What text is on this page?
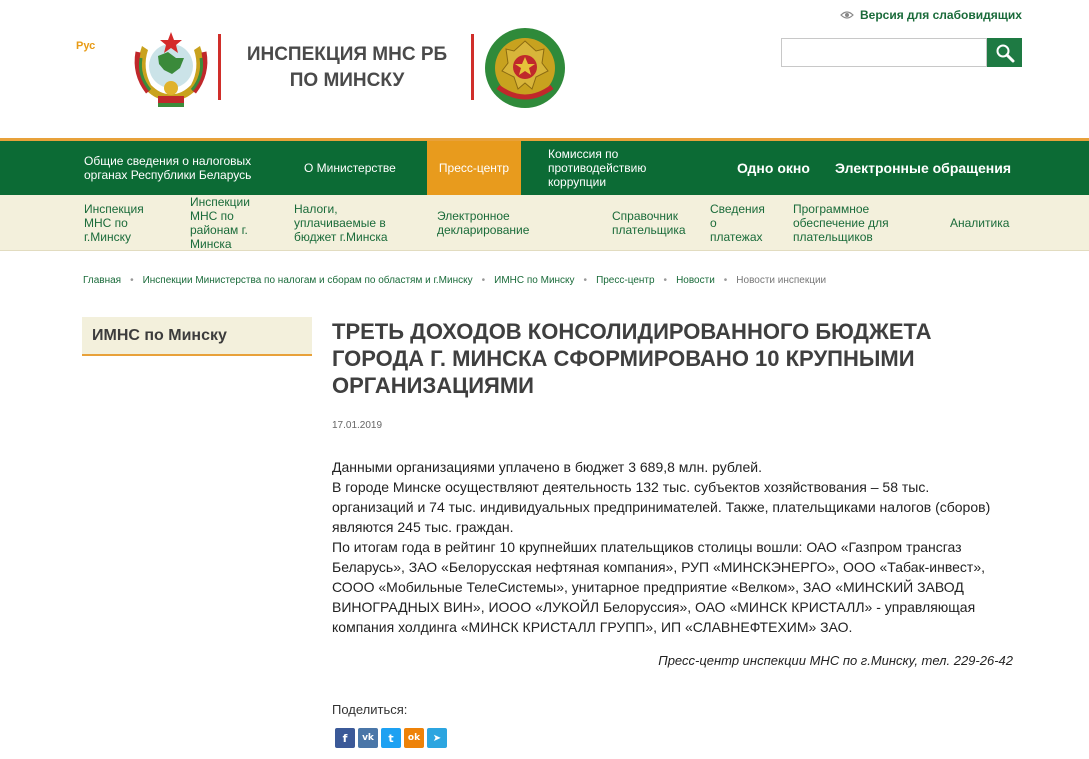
Рус	ИНСПЕКЦИЯ МНС РБ
ПО МИНСКУ
Версия для слабовидящих
Общие сведения о налоговых органах Республики Беларусь	О Министерстве	Пресс-центр
Комиссия по противодействию коррупции
Одно окно	Электронные обращения
Инспекция МНС по г.Минску
Инспекции МНС по районам г. Минска
Налоги, уплачиваемые в бюджет г.Минска
Электронное декларирование
Справочник плательщика
Сведения о платежах
Программное обеспечение для плательщиков
Аналитика
Главная • Инспекции Министерства по налогам и сборам по областям и г.Минску • ИМНС по Минску • Пресс-центр • Новости • Новости инспекции
ИМНС по Минску	ТРЕТЬ ДОХОДОВ КОНСОЛИДИРОВАННОГО БЮДЖЕТА ГОРОДА Г. МИНСКА СФОРМИРОВАНО 10 КРУПНЫМИ ОРГАНИЗАЦИЯМИ
17.01.2019

Данными организациями уплачено в бюджет 3 689,8 млн. рублей.

В городе Минске осуществляют деятельность 132 тыс. субъектов хозяйствования – 58 тыс. организаций и 74 тыс. индивидуальных предпринимателей. Также, плательщиками налогов (сборов) являются 245 тыс. граждан.

По итогам года в рейтинг 10 крупнейших плательщиков столицы вошли: ОАО «Газпром трансгаз Беларусь», ЗАО «Белорусская нефтяная компания», РУП «МИНСКЭНЕРГО», ООО «Табак-инвест», СООО «Мобильные ТелеСистемы», унитарное предприятие «Велком», ЗАО «МИНСКИЙ ЗАВОД ВИНОГРАДНЫХ ВИН», ИООО «ЛУКОЙЛ Белоруссия», ОАО «МИНСК КРИСТАЛЛ» - управляющая компания холдинга «МИНСК КРИСТАЛЛ ГРУПП», ИП «СЛАВНЕФТЕХИМ» ЗАО.

Пресс-центр инспекции МНС по г.Минску, тел. 229-26-42
Поделиться:
f	vk	t	ok	➤
